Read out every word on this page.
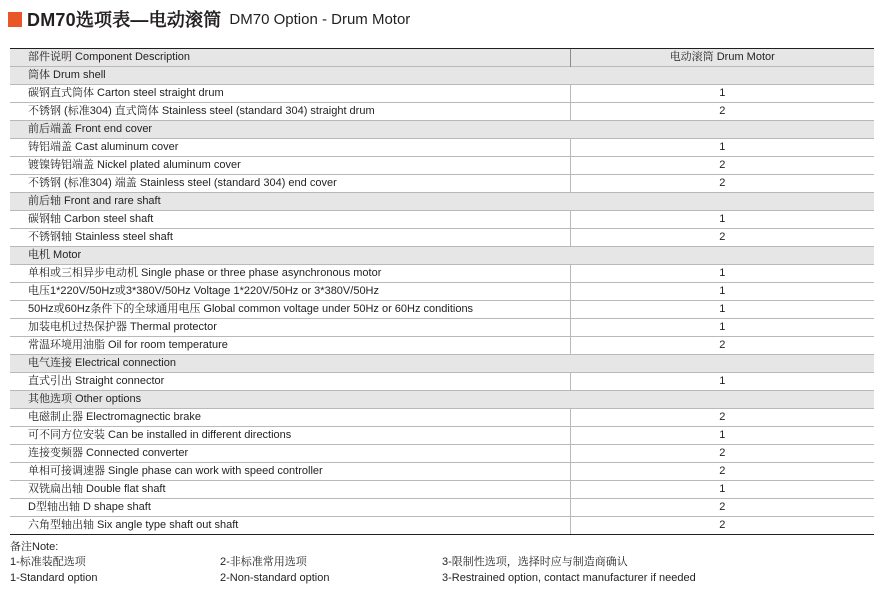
DM70选项表—电动滚筒 DM70 Option - Drum Motor
部件说明 Component Description	电动滚筒 Drum Motor
筒体 Drum shell	
碳钢直式筒体 Carton steel straight drum	1
不锈钢 (标准304) 直式筒体 Stainless steel (standard 304) straight drum	2
前后端盖 Front end cover	
铸铝端盖 Cast aluminum cover	1
镀镍铸铝端盖 Nickel plated aluminum cover	2
不锈钢 (标准304) 端盖 Stainless steel (standard 304) end cover	2
前后轴 Front and rare shaft	
碳钢轴 Carbon steel shaft	1
不锈钢轴 Stainless steel shaft	2
电机 Motor	
单相或三相异步电动机 Single phase or three phase asynchronous motor	1
电压1*220V/50Hz或3*380V/50Hz Voltage 1*220V/50Hz or 3*380V/50Hz	1
50Hz或60Hz条件下的全球通用电压 Global common voltage under 50Hz or 60Hz conditions	1
加装电机过热保护器 Thermal protector	1
常温环境用油脂 Oil for room temperature	2
电气连接 Electrical connection	
直式引出 Straight connector	1
其他选项 Other options	
电磁制止器 Electromagnectic brake	2
可不同方位安装 Can be installed in different directions	1
连接变频器 Connected converter	2
单相可接调速器 Single phase can work with speed controller	2
双铣扁出轴 Double flat shaft	1
D型轴出轴 D shape shaft	2
六角型轴出轴 Six angle type shaft out shaft	2
备注Note:
1-标准装配选项	2-非标准常用选项	3-限制性选项，选择时应与制造商确认
1-Standard option	2-Non-standard option	3-Restrained option, contact manufacturer if needed
